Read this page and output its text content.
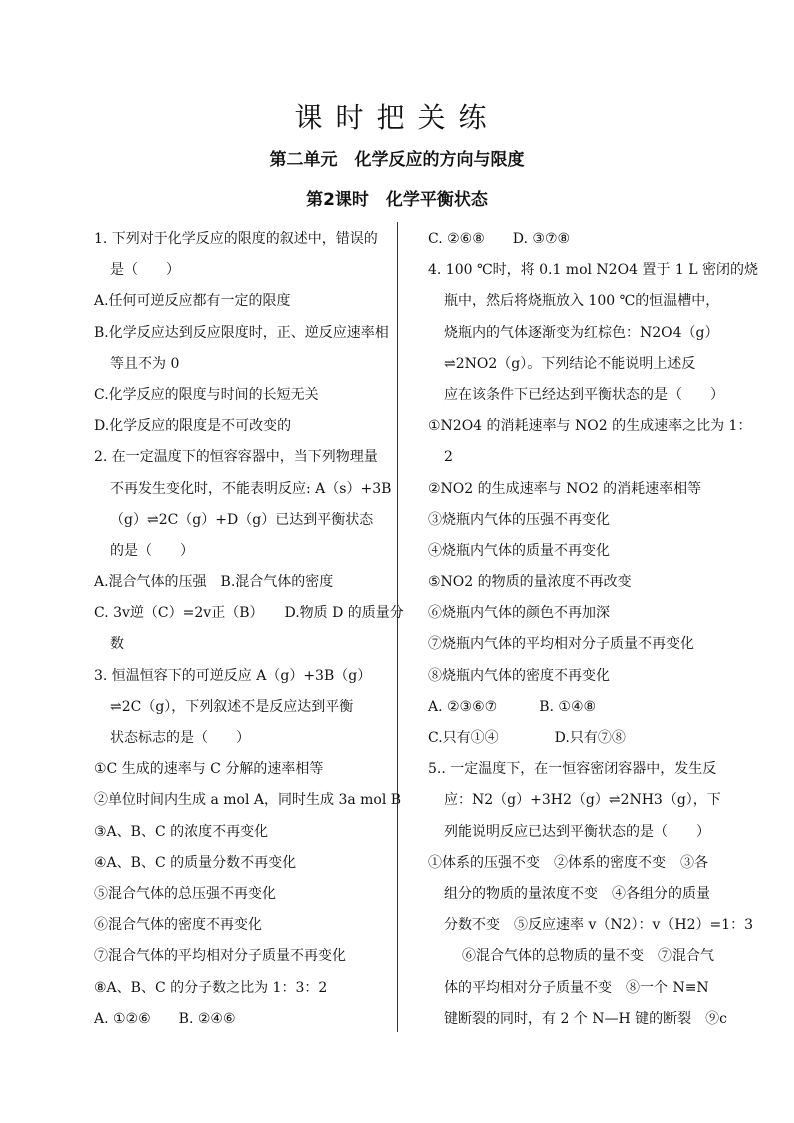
课时把关练
第二单元　化学反应的方向与限度
第2课时　化学平衡状态
1. 下列对于化学反应的限度的叙述中，错误的
是（　　）
A.任何可逆反应都有一定的限度
B.化学反应达到反应限度时，正、逆反应速率相
等且不为 0
C.化学反应的限度与时间的长短无关
D.化学反应的限度是不可改变的
2. 在一定温度下的恒容容器中，当下列物理量
不再发生变化时，不能表明反应: A（s）+3B
（g）⇌2C（g）+D（g）已达到平衡状态
的是（　　）
A.混合气体的压强　B.混合气体的密度
C. 3v逆（C）=2v正（B）　　D.物质 D 的质量分
数
3. 恒温恒容下的可逆反应 A（g）+3B（g）
⇌2C（g），下列叙述不是反应达到平衡
状态标志的是（　　）
①C 生成的速率与 C 分解的速率相等
②单位时间内生成 a mol A，同时生成 3a mol B
③A、B、C 的浓度不再变化
④A、B、C 的质量分数不再变化
⑤混合气体的总压强不再变化
⑥混合气体的密度不再变化
⑦混合气体的平均相对分子质量不再变化
⑧A、B、C 的分子数之比为 1：3：2
A. ①②⑥　　B. ②④⑥
C. ②⑥⑧　　D. ③⑦⑧
4. 100 ℃时，将 0.1 mol N2O4 置于 1 L 密闭的烧
瓶中，然后将烧瓶放入 100 ℃的恒温槽中，
烧瓶内的气体逐渐变为红棕色：N2O4（g）
⇌2NO2（g）。下列结论不能说明上述反
应在该条件下已经达到平衡状态的是（　　）
①N2O4 的消耗速率与 NO2 的生成速率之比为 1：
2
②NO2 的生成速率与 NO2 的消耗速率相等
③烧瓶内气体的压强不再变化
④烧瓶内气体的质量不再变化
⑤NO2 的物质的量浓度不再改变
⑥烧瓶内气体的颜色不再加深
⑦烧瓶内气体的平均相对分子质量不再变化
⑧烧瓶内气体的密度不再变化
A. ②③⑥⑦　　　B. ①④⑧
C.只有①④　　　　D.只有⑦⑧
5.. 一定温度下，在一恒容密闭容器中，发生反
应：N2（g）+3H2（g）⇌2NH3（g），下
列能说明反应已达到平衡状态的是（　　）
①体系的压强不变　②体系的密度不变　③各
组分的物质的量浓度不变　④各组分的质量
分数不变　⑤反应速率 v（N2）：v（H2）=1：3
⑥混合气体的总物质的量不变　⑦混合气
体的平均相对分子质量不变　⑧一个 N≡N
键断裂的同时，有 2 个 N—H 键的断裂　⑨c
